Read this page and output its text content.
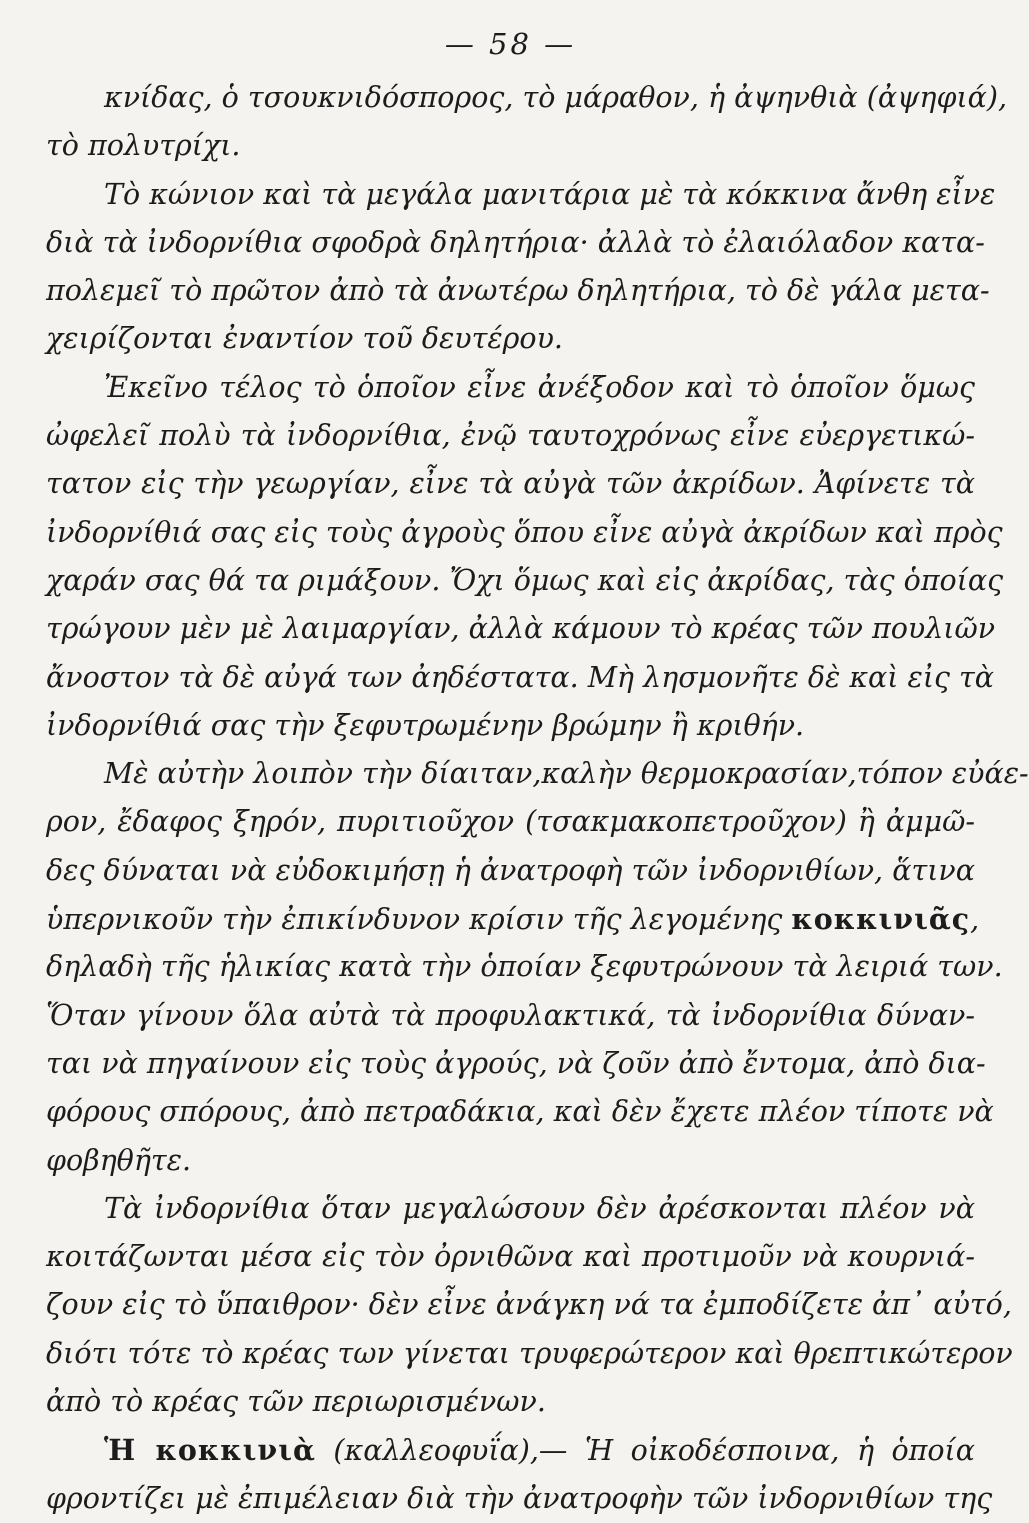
— 58 —
κνίδας, ὁ τσουκνιδόσπορος, τὸ μάραθον, ἡ ἀψηνθιὰ (ἀψηφιά),
τὸ πολυτρίχι.
Τὸ κώνιον καὶ τὰ μεγάλα μανιτάρια μὲ τὰ κόκκινα ἄνθη εἶνε
διὰ τὰ ἰνδορνίθια σφοδρὰ δηλητήρια· ἀλλὰ τὸ ἐλαιόλαδον κατα-
πολεμεῖ τὸ πρῶτον ἀπὸ τὰ ἀνωτέρω δηλητήρια, τὸ δὲ γάλα μετα-
χειρίζονται ἐναντίον τοῦ δευτέρου.
Ἐκεῖνο τέλος τὸ ὁποῖον εἶνε ἀνέξοδον καὶ τὸ ὁποῖον ὅμως
ὠφελεῖ πολὺ τὰ ἰνδορνίθια, ἐνῷ ταυτοχρόνως εἶνε εὐεργετικώ-
τατον εἰς τὴν γεωργίαν, εἶνε τὰ αὐγὰ τῶν ἀκρίδων. Ἀφίνετε τὰ
ἰνδορνίθιά σας εἰς τοὺς ἀγροὺς ὅπου εἶνε αὐγὰ ἀκρίδων καὶ πρὸς
χαράν σας θά τα ριμάξουν. Ὄχι ὅμως καὶ εἰς ἀκρίδας, τὰς ὁποίας
τρώγουν μὲν μὲ λαιμαργίαν, ἀλλὰ κάμουν τὸ κρέας τῶν πουλιῶν
ἄνοστον τὰ δὲ αὐγά των ἀηδέστατα. Μὴ λησμονῆτε δὲ καὶ εἰς τὰ
ἰνδορνίθιά σας τὴν ξεφυτρωμένην βρώμην ἢ κριθήν.
Μὲ αὐτὴν λοιπὸν τὴν δίαιταν,καλὴν θερμοκρασίαν,τόπον εὐάε-
ρον, ἔδαφος ξηρόν, πυριτιοῦχον (τσακμακοπετροῦχον) ἢ ἀμμῶ-
δες δύναται νὰ εὐδοκιμήσῃ ἡ ἀνατροφὴ τῶν ἰνδορνιθίων, ἅτινα
ὑπερνικοῦν τὴν ἐπικίνδυνον κρίσιν τῆς λεγομένης κοκκινιᾶς,
δηλαδὴ τῆς ἡλικίας κατὰ τὴν ὁποίαν ξεφυτρώνουν τὰ λειριά των.
Ὅταν γίνουν ὅλα αὐτὰ τὰ προφυλακτικά, τὰ ἰνδορνίθια δύναν-
ται νὰ πηγαίνουν εἰς τοὺς ἀγρούς, νὰ ζοῦν ἀπὸ ἔντομα, ἀπὸ δια-
φόρους σπόρους, ἀπὸ πετραδάκια, καὶ δὲν ἔχετε πλέον τίποτε νὰ
φοβηθῆτε.
Τὰ ἰνδορνίθια ὅταν μεγαλώσουν δὲν ἀρέσκονται πλέον νὰ
κοιτάζωνται μέσα εἰς τὸν ὀρνιθῶνα καὶ προτιμοῦν νὰ κουρνιά-
ζουν εἰς τὸ ὕπαιθρον· δὲν εἶνε ἀνάγκη νά τα ἐμποδίζετε ἀπ᾽ αὐτό,
διότι τότε τὸ κρέας των γίνεται τρυφερώτερον καὶ θρεπτικώτερον
ἀπὸ τὸ κρέας τῶν περιωρισμένων.
Ἡ κοκκινιὰ (καλλεοφυΐα),— Ἡ οἰκοδέσποινα, ἡ ὁποία
φροντίζει μὲ ἐπιμέλειαν διὰ τὴν ἀνατροφὴν τῶν ἰνδορνιθίων της
